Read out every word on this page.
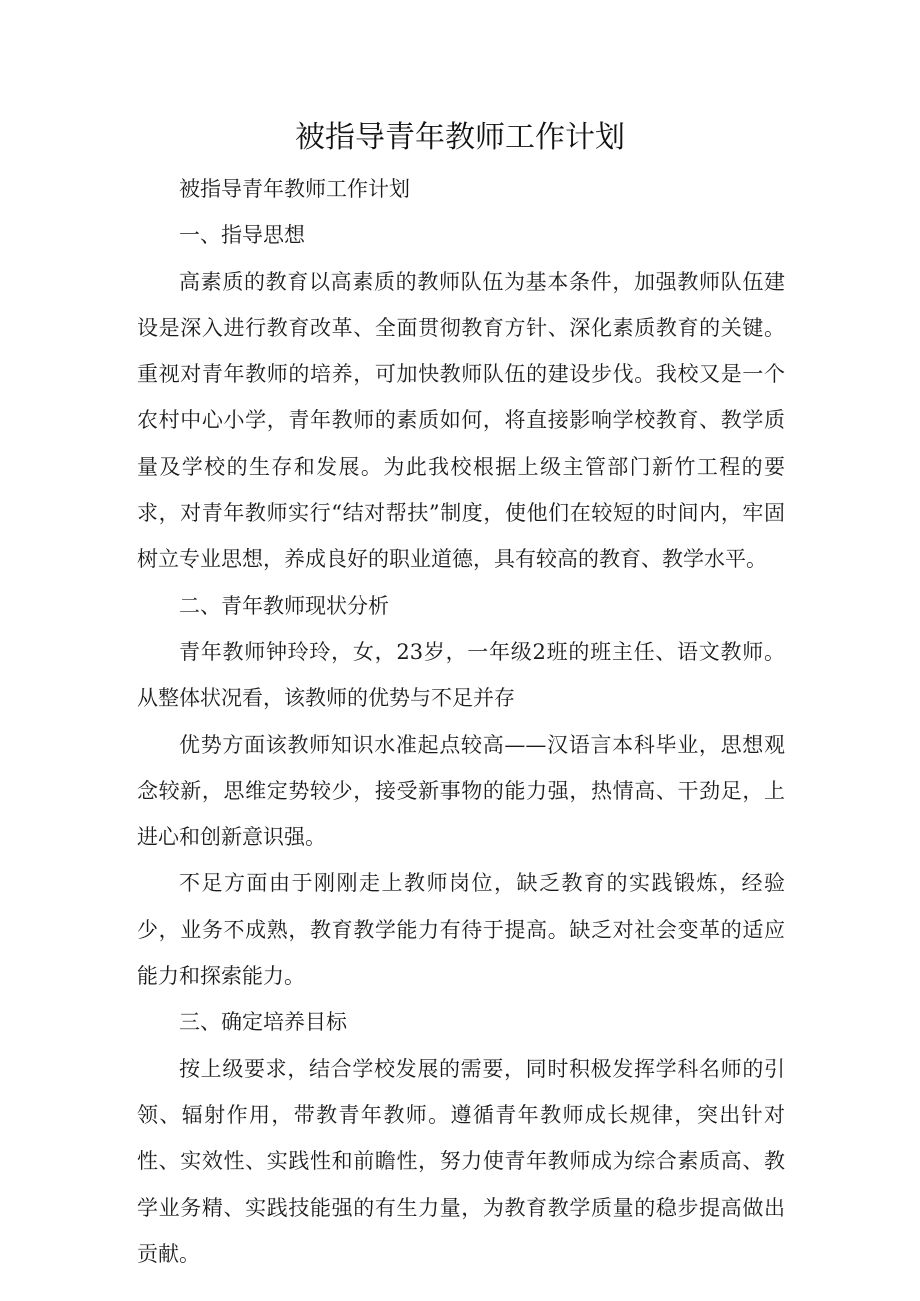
被指导青年教师工作计划

被指导青年教师工作计划

一、指导思想

高素质的教育以高素质的教师队伍为基本条件，加强教师队伍建设是深入进行教育改革、全面贯彻教育方针、深化素质教育的关键。重视对青年教师的培养，可加快教师队伍的建设步伐。我校又是一个农村中心小学，青年教师的素质如何，将直接影响学校教育、教学质量及学校的生存和发展。为此我校根据上级主管部门新竹工程的要求，对青年教师实行“结对帮扶”制度，使他们在较短的时间内，牢固树立专业思想，养成良好的职业道德，具有较高的教育、教学水平。

二、青年教师现状分析

青年教师钟玲玲，女，23岁，一年级2班的班主任、语文教师。从整体状况看，该教师的优势与不足并存

优势方面该教师知识水准起点较高——汉语言本科毕业，思想观念较新，思维定势较少，接受新事物的能力强，热情高、干劲足，上进心和创新意识强。

不足方面由于刚刚走上教师岗位，缺乏教育的实践锻炼，经验少，业务不成熟，教育教学能力有待于提高。缺乏对社会变革的适应能力和探索能力。

三、确定培养目标

按上级要求，结合学校发展的需要，同时积极发挥学科名师的引领、辐射作用，带教青年教师。遵循青年教师成长规律，突出针对性、实效性、实践性和前瞻性，努力使青年教师成为综合素质高、教学业务精、实践技能强的有生力量，为教育教学质量的稳步提高做出贡献。
